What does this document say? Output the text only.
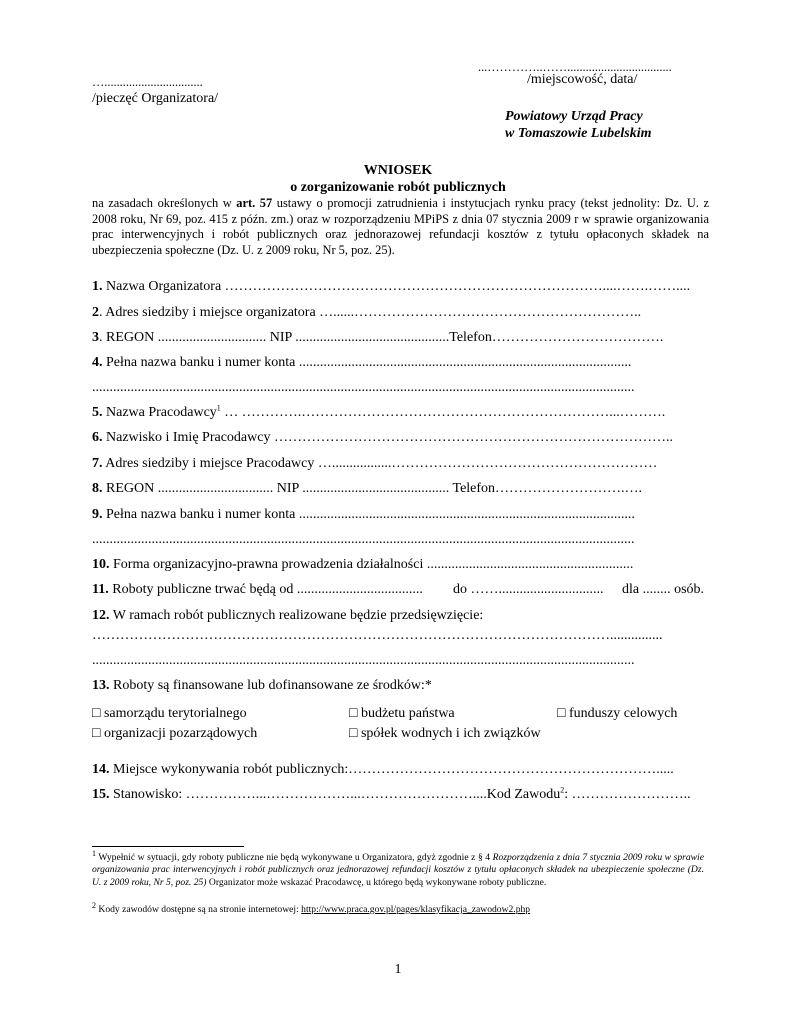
...…………..……..................................
/miejscowość, data/
…................................
/pieczęć Organizatora/
Powiatowy Urząd Pracy
w Tomaszowie Lubelskim
WNIOSEK
o zorganizowanie robót publicznych
na zasadach określonych w art. 57 ustawy o promocji zatrudnienia i instytucjach rynku pracy (tekst jednolity: Dz. U. z 2008 roku, Nr 69, poz. 415 z późn. zm.) oraz w rozporządzeniu MPiPS z dnia 07 stycznia 2009 r w sprawie organizowania prac interwencyjnych i robót publicznych oraz jednorazowej refundacji kosztów z tytułu opłaconych składek na ubezpieczenia społeczne (Dz. U. z 2009 roku, Nr 5, poz. 25).
1. Nazwa Organizatora ………………………………………………………………………....…….……....
2. Adres siedziby i miejsce organizatora …......……………………………………………………..
3. REGON ............................... NIP ............................................Telefon……………………………….
4. Pełna nazwa banku i numer konta ...............................................................................................
...........................................................................................................................................................
5. Nazwa Pracodawcy$^1$ … ………….…………………………………………………………...……….
6. Nazwisko i Imię Pracodawcy …………………………………………………………………………..
7. Adres siedziby i miejsce Pracodawcy ….................…………………………………………………
8. REGON ................................. NIP .......................................... Telefon……………………….….
9. Pełna nazwa banku i numer konta ................................................................................................
...........................................................................................................................................................
10. Forma organizacyjno-prawna prowadzenia działalności ...........................................................
11. Roboty publiczne trwać będą od ....................................	do …….............................. dla ........ osób.
12. W ramach robót publicznych realizowane będzie przedsięwzięcie:
…………………………………………………………………………………………………...............
...........................................................................................................................................................
13. Roboty są finansowane lub dofinansowane ze środków:*
□ samorządu terytorialnego	□ budżetu państwa	□ funduszy celowych
□ organizacji pozarządowych	□ spółek wodnych i ich związków
14. Miejsce wykonywania robót publicznych:………………………………………………………….....
15. Stanowisko: ……………...………………...……………………....Kod Zawodu$^2$: ……………………..
$^1$ Wypełnić w sytuacji, gdy roboty publiczne nie będą wykonywane u Organizatora, gdyż zgodnie z § 4 Rozporządzenia z dnia 7 stycznia 2009 roku w sprawie organizowania prac interwencyjnych i robót publicznych oraz jednorazowej refundacji kosztów z tytułu opłaconych składek na ubezpieczenie społeczne (Dz. U. z 2009 roku, Nr 5, poz. 25) Organizator może wskazać Pracodawcę, u którego będą wykonywane roboty publiczne.
$^2$ Kody zawodów dostępne są na stronie internetowej: http://www.praca.gov.pl/pages/klasyfikacja_zawodow2.php
1
